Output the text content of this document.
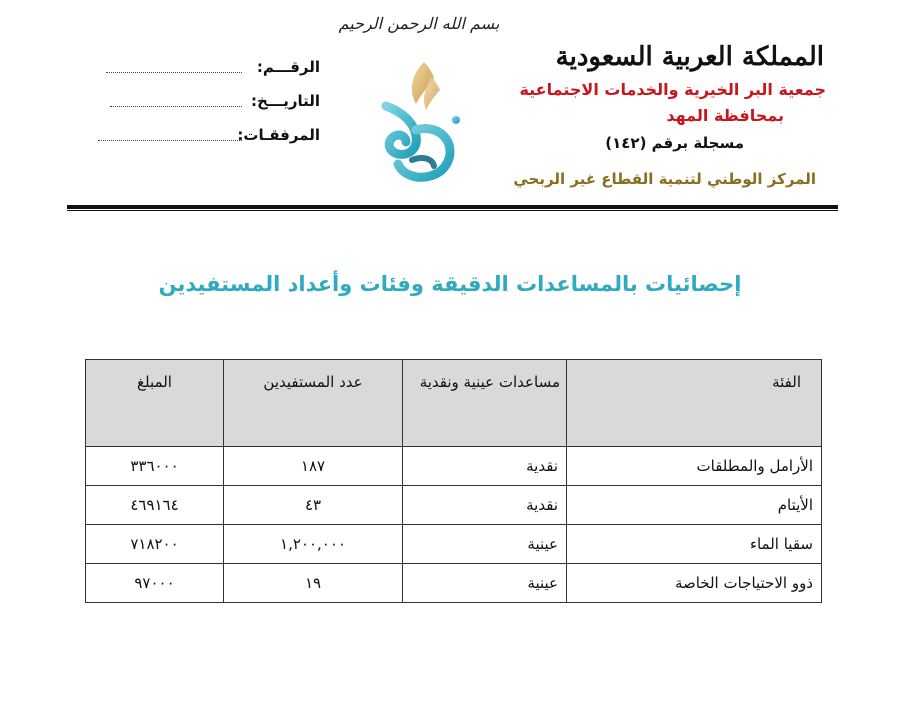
بسم الله الرحمن الرحيم
المملكة العربية السعودية
جمعية البر الخيرية والخدمات الاجتماعية
بمحافظة المهد
مسجلة برقم (١٤٢)
المركز الوطني لتنمية القطاع غير الربحي
الرقـــم:
التاريـــخ:
المرفقـات:
إحصائيات بالمساعدات الدقيقة وفئات وأعداد المستفيدين
الفئة	مساعدات عينية ونقدية	عدد المستفيدين	المبلغ
الأرامل والمطلقات	نقدية	١٨٧	٣٣٦٠٠٠
الأيتام	نقدية	٤٣	٤٦٩١٦٤
سقيا الماء	عينية	١,٢٠٠,٠٠٠	٧١٨٢٠٠
ذوو الاحتياجات الخاصة	عينية	١٩	٩٧٠٠٠
